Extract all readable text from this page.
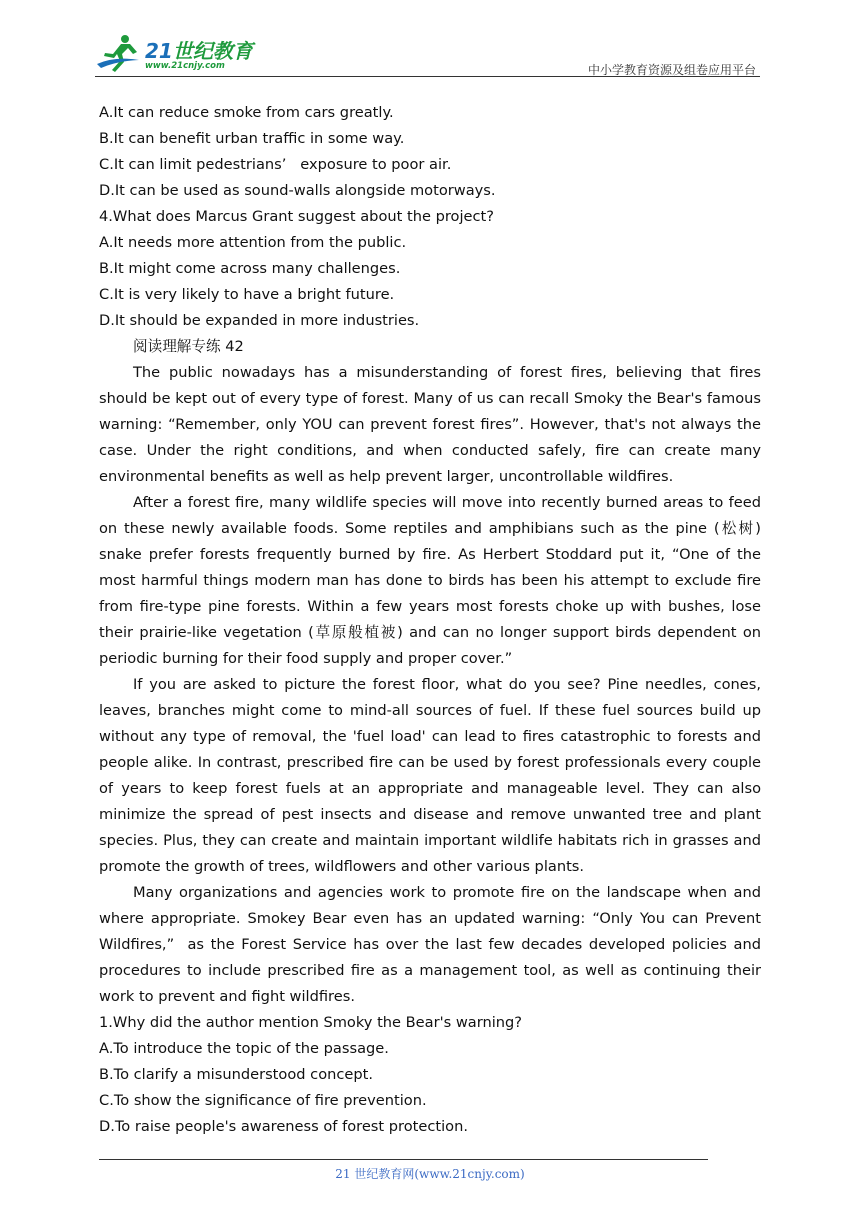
21世纪教育
www.21cnjy.com	中小学教育资源及组卷应用平台
A.It can reduce smoke from cars greatly.
B.It can benefit urban traffic in some way.
C.It can limit pedestrians’   exposure to poor air.
D.It can be used as sound-walls alongside motorways.
4.What does Marcus Grant suggest about the project?
A.It needs more attention from the public.
B.It might come across many challenges.
C.It is very likely to have a bright future.
D.It should be expanded in more industries.
阅读理解专练 42

The public nowadays has a misunderstanding of forest fires, believing that fires should be kept out of every type of forest. Many of us can recall Smoky the Bear's famous warning: “Remember, only YOU can prevent forest fires”. However, that's not always the case. Under the right conditions, and when conducted safely, fire can create many environmental benefits as well as help prevent larger, uncontrollable wildfires.

After a forest fire, many wildlife species will move into recently burned areas to feed on these newly available foods. Some reptiles and amphibians such as the pine (松树) snake prefer forests frequently burned by fire. As Herbert Stoddard put it, “One of the most harmful things modern man has done to birds has been his attempt to exclude fire from fire-type pine forests. Within a few years most forests choke up with bushes, lose their prairie-like vegetation (草原般植被) and can no longer support birds dependent on periodic burning for their food supply and proper cover.”

If you are asked to picture the forest floor, what do you see? Pine needles, cones, leaves, branches might come to mind-all sources of fuel. If these fuel sources build up without any type of removal, the 'fuel load' can lead to fires catastrophic to forests and people alike. In contrast, prescribed fire can be used by forest professionals every couple of years to keep forest fuels at an appropriate and manageable level. They can also minimize the spread of pest insects and disease and remove unwanted tree and plant species. Plus, they can create and maintain important wildlife habitats rich in grasses and promote the growth of trees, wildflowers and other various plants.

Many organizations and agencies work to promote fire on the landscape when and where appropriate. Smokey Bear even has an updated warning: “Only You can Prevent Wildfires,”  as the Forest Service has over the last few decades developed policies and procedures to include prescribed fire as a management tool, as well as continuing their work to prevent and fight wildfires.

1.Why did the author mention Smoky the Bear's warning?
A.To introduce the topic of the passage.
B.To clarify a misunderstood concept.
C.To show the significance of fire prevention.
D.To raise people's awareness of forest protection.
21 世纪教育网(www.21cnjy.com)
